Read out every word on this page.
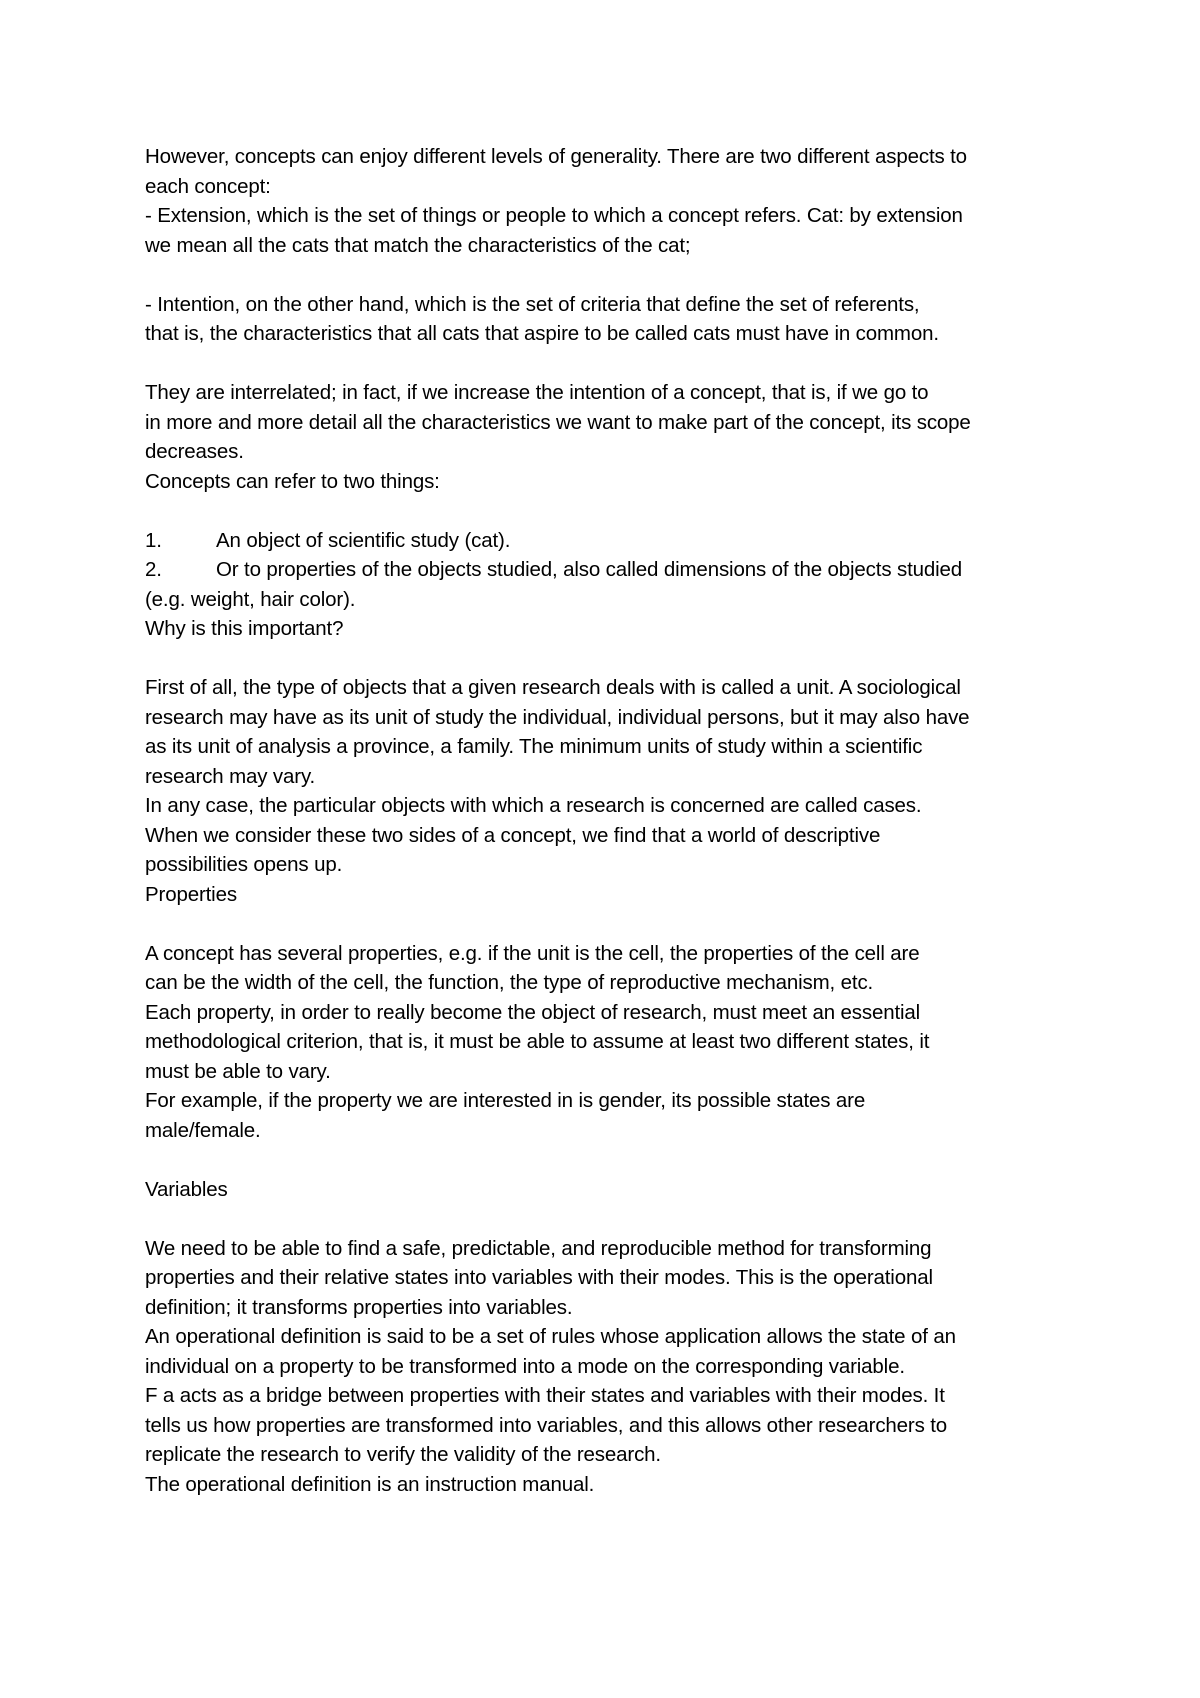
However, concepts can enjoy different levels of generality. There are two different aspects to
each concept:
- Extension, which is the set of things or people to which a concept refers. Cat: by extension
we mean all the cats that match the characteristics of the cat;
- Intention, on the other hand, which is the set of criteria that define the set of referents,
that is, the characteristics that all cats that aspire to be called cats must have in common.
They are interrelated; in fact, if we increase the intention of a concept, that is, if we go to
in more and more detail all the characteristics we want to make part of the concept, its scope
decreases.
Concepts can refer to two things:
1.	An object of scientific study (cat).
2.	Or to properties of the objects studied, also called dimensions of the objects studied
(e.g. weight, hair color).
Why is this important?
First of all, the type of objects that a given research deals with is called a unit. A sociological
research may have as its unit of study the individual, individual persons, but it may also have
as its unit of analysis a province, a family. The minimum units of study within a scientific
research may vary.
In any case, the particular objects with which a research is concerned are called cases.
When we consider these two sides of a concept, we find that a world of descriptive
possibilities opens up.
Properties
A concept has several properties, e.g. if the unit is the cell, the properties of the cell are
can be the width of the cell, the function, the type of reproductive mechanism, etc.
Each property, in order to really become the object of research, must meet an essential
methodological criterion, that is, it must be able to assume at least two different states, it
must be able to vary.
For example, if the property we are interested in is gender, its possible states are
male/female.
Variables
We need to be able to find a safe, predictable, and reproducible method for transforming
properties and their relative states into variables with their modes. This is the operational
definition; it transforms properties into variables.
An operational definition is said to be a set of rules whose application allows the state of an
individual on a property to be transformed into a mode on the corresponding variable.
F a acts as a bridge between properties with their states and variables with their modes. It
tells us how properties are transformed into variables, and this allows other researchers to
replicate the research to verify the validity of the research.
The operational definition is an instruction manual.
